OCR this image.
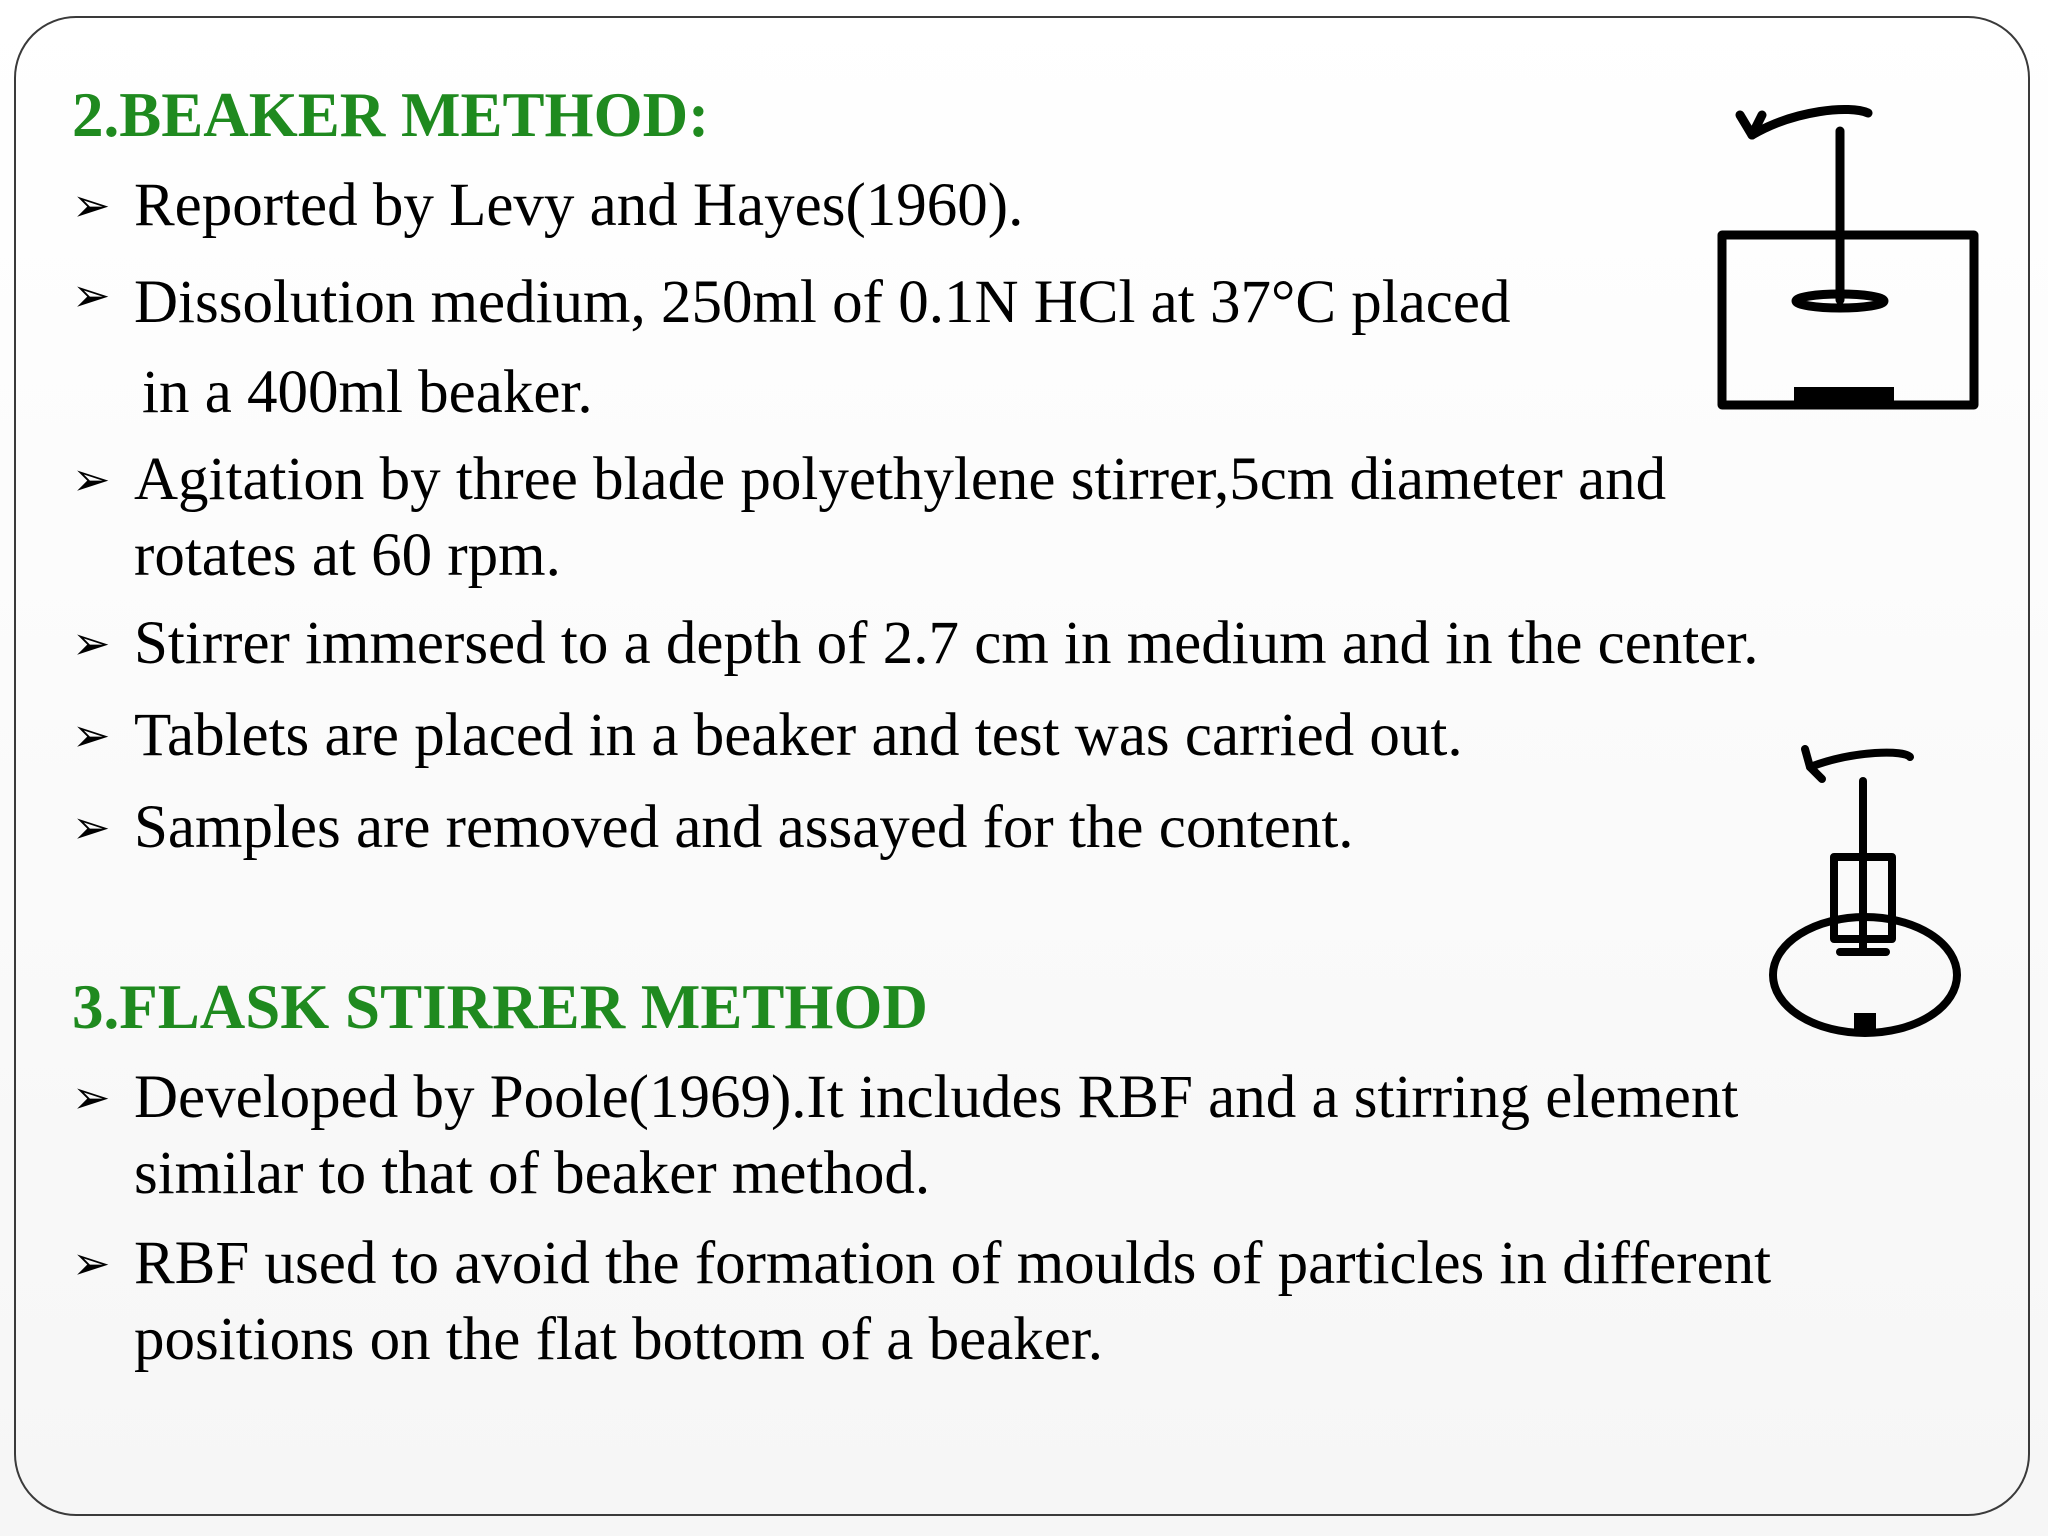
2.BEAKER METHOD:
➢ Reported by Levy and Hayes(1960).
➢ Dissolution medium, 250ml of 0.1N HCl at 37°C placed
in a 400ml beaker.
➢ Agitation by three blade polyethylene stirrer,5cm diameter and
rotates at 60 rpm.
➢ Stirrer immersed to a depth of 2.7 cm in medium and in the center.
➢ Tablets are placed in a beaker and test was carried out.
➢ Samples are removed and assayed for the content.
3.FLASK STIRRER METHOD
➢ Developed by Poole(1969).It includes RBF and a stirring element
similar to that of beaker method.
➢ RBF used to avoid the formation of moulds of particles in different
positions on the flat bottom of a beaker.
